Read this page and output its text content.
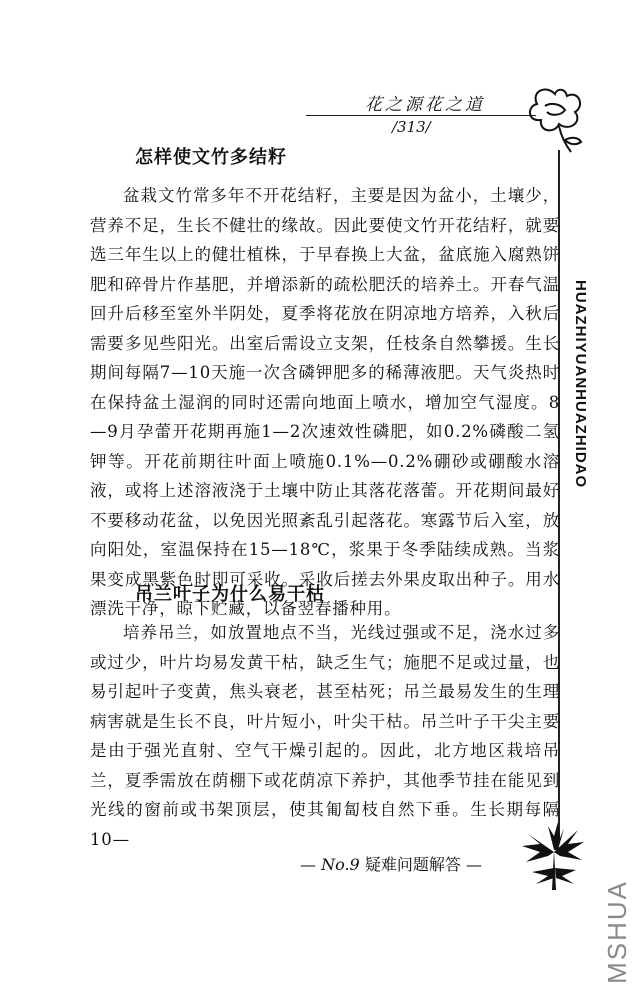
花之源花之道
/313/
HUAZHIYUANHUAZHIDAO
怎样使文竹多结籽

盆栽文竹常多年不开花结籽，主要是因为盆小，土壤少，营养不足，生长不健壮的缘故。因此要使文竹开花结籽，就要选三年生以上的健壮植株，于早春换上大盆，盆底施入腐熟饼肥和碎骨片作基肥，并增添新的疏松肥沃的培养土。开春气温回升后移至室外半阴处，夏季将花放在阴凉地方培养，入秋后需要多见些阳光。出室后需设立支架，任枝条自然攀援。生长期间每隔7—10天施一次含磷钾肥多的稀薄液肥。天气炎热时在保持盆土湿润的同时还需向地面上喷水，增加空气湿度。8—9月孕蕾开花期再施1—2次速效性磷肥，如0.2%磷酸二氢钾等。开花前期往叶面上喷施0.1%—0.2%硼砂或硼酸水溶液，或将上述溶液浇于土壤中防止其落花落蕾。开花期间最好不要移动花盆，以免因光照紊乱引起落花。寒露节后入室，放向阳处，室温保持在15—18℃，浆果于冬季陆续成熟。当浆果变成黑紫色时即可采收。采收后搓去外果皮取出种子。用水漂洗干净，晾下贮藏，以备翌春播种用。

吊兰叶子为什么易干枯

培养吊兰，如放置地点不当，光线过强或不足，浇水过多或过少，叶片均易发黄干枯，缺乏生气；施肥不足或过量，也易引起叶子变黄，焦头衰老，甚至枯死；吊兰最易发生的生理病害就是生长不良，叶片短小，叶尖干枯。吊兰叶子干尖主要是由于强光直射、空气干燥引起的。因此，北方地区栽培吊兰，夏季需放在荫棚下或花荫凉下养护，其他季节挂在能见到光线的窗前或书架顶层，使其匍匐枝自然下垂。生长期每隔10—

— No.9 疑难问题解答 —
MSHUA
